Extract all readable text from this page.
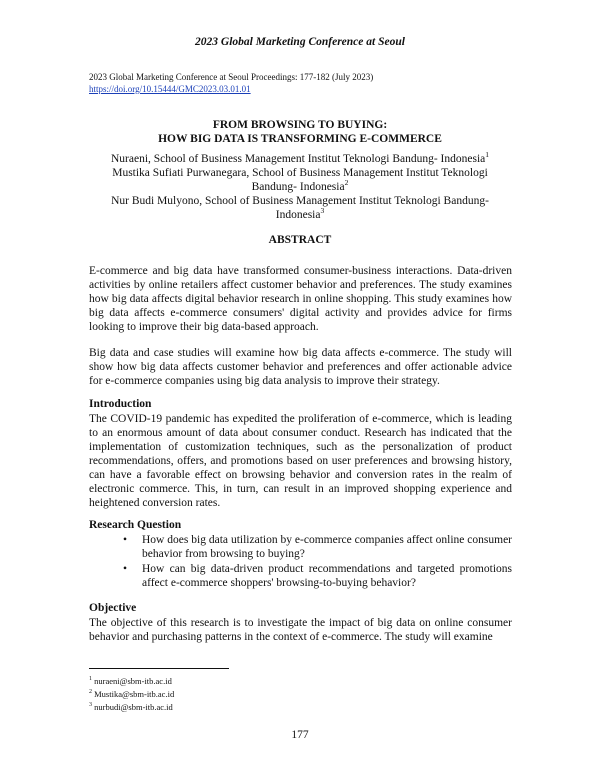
2023 Global Marketing Conference at Seoul
2023 Global Marketing Conference at Seoul Proceedings: 177-182 (July 2023)
https://doi.org/10.15444/GMC2023.03.01.01
FROM BROWSING TO BUYING:
HOW BIG DATA IS TRANSFORMING E-COMMERCE
Nuraeni, School of Business Management Institut Teknologi Bandung- Indonesia$^1$
Mustika Sufiati Purwanegara, School of Business Management Institut Teknologi Bandung- Indonesia$^2$
Nur Budi Mulyono, School of Business Management Institut Teknologi Bandung- Indonesia$^3$
ABSTRACT

E-commerce and big data have transformed consumer-business interactions. Data-driven activities by online retailers affect customer behavior and preferences. The study examines how big data affects digital behavior research in online shopping. This study examines how big data affects e-commerce consumers' digital activity and provides advice for firms looking to improve their big data-based approach.

Big data and case studies will examine how big data affects e-commerce. The study will show how big data affects customer behavior and preferences and offer actionable advice for e-commerce companies using big data analysis to improve their strategy.

Introduction

The COVID-19 pandemic has expedited the proliferation of e-commerce, which is leading to an enormous amount of data about consumer conduct. Research has indicated that the implementation of customization techniques, such as the personalization of product recommendations, offers, and promotions based on user preferences and browsing history, can have a favorable effect on browsing behavior and conversion rates in the realm of electronic commerce. This, in turn, can result in an improved shopping experience and heightened conversion rates.

Research Question
• How does big data utilization by e-commerce companies affect online consumer behavior from browsing to buying?
• How can big data-driven product recommendations and targeted promotions affect e-commerce shoppers' browsing-to-buying behavior?
Objective

The objective of this research is to investigate the impact of big data on online consumer behavior and purchasing patterns in the context of e-commerce. The study will examine

$^1$ nuraeni@sbm-itb.ac.id
$^2$ Mustika@sbm-itb.ac.id
$^3$ nurbudi@sbm-itb.ac.id
177
